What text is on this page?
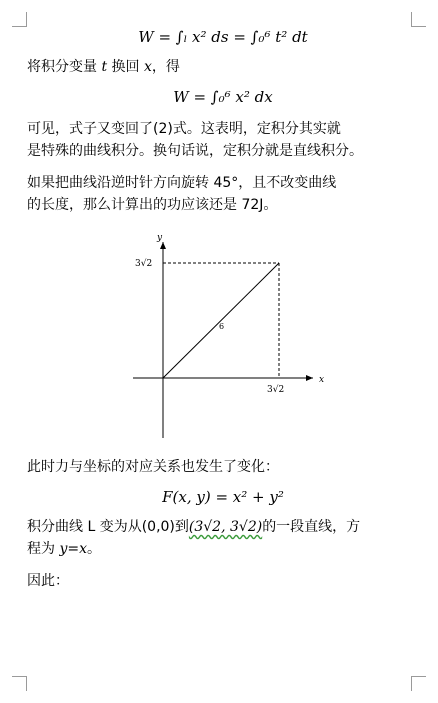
W = ∫ₗ x² ds = ∫₀⁶ t² dt
将积分变量 t 换回 x，得
W = ∫₀⁶ x² dx
可见，式子又变回了(2)式。这表明，定积分其实就
是特殊的曲线积分。换句话说，定积分就是直线积分。
如果把曲线沿逆时针方向旋转 45°，且不改变曲线
的长度，那么计算出的功应该还是 72J。
x
y
3√2
3√2
6
此时力与坐标的对应关系也发生了变化：
F(x, y) = x² + y²
积分曲线 L 变为从(0,0)到(3√2, 3√2)的一段直线，方
程为 y=x。
因此：
